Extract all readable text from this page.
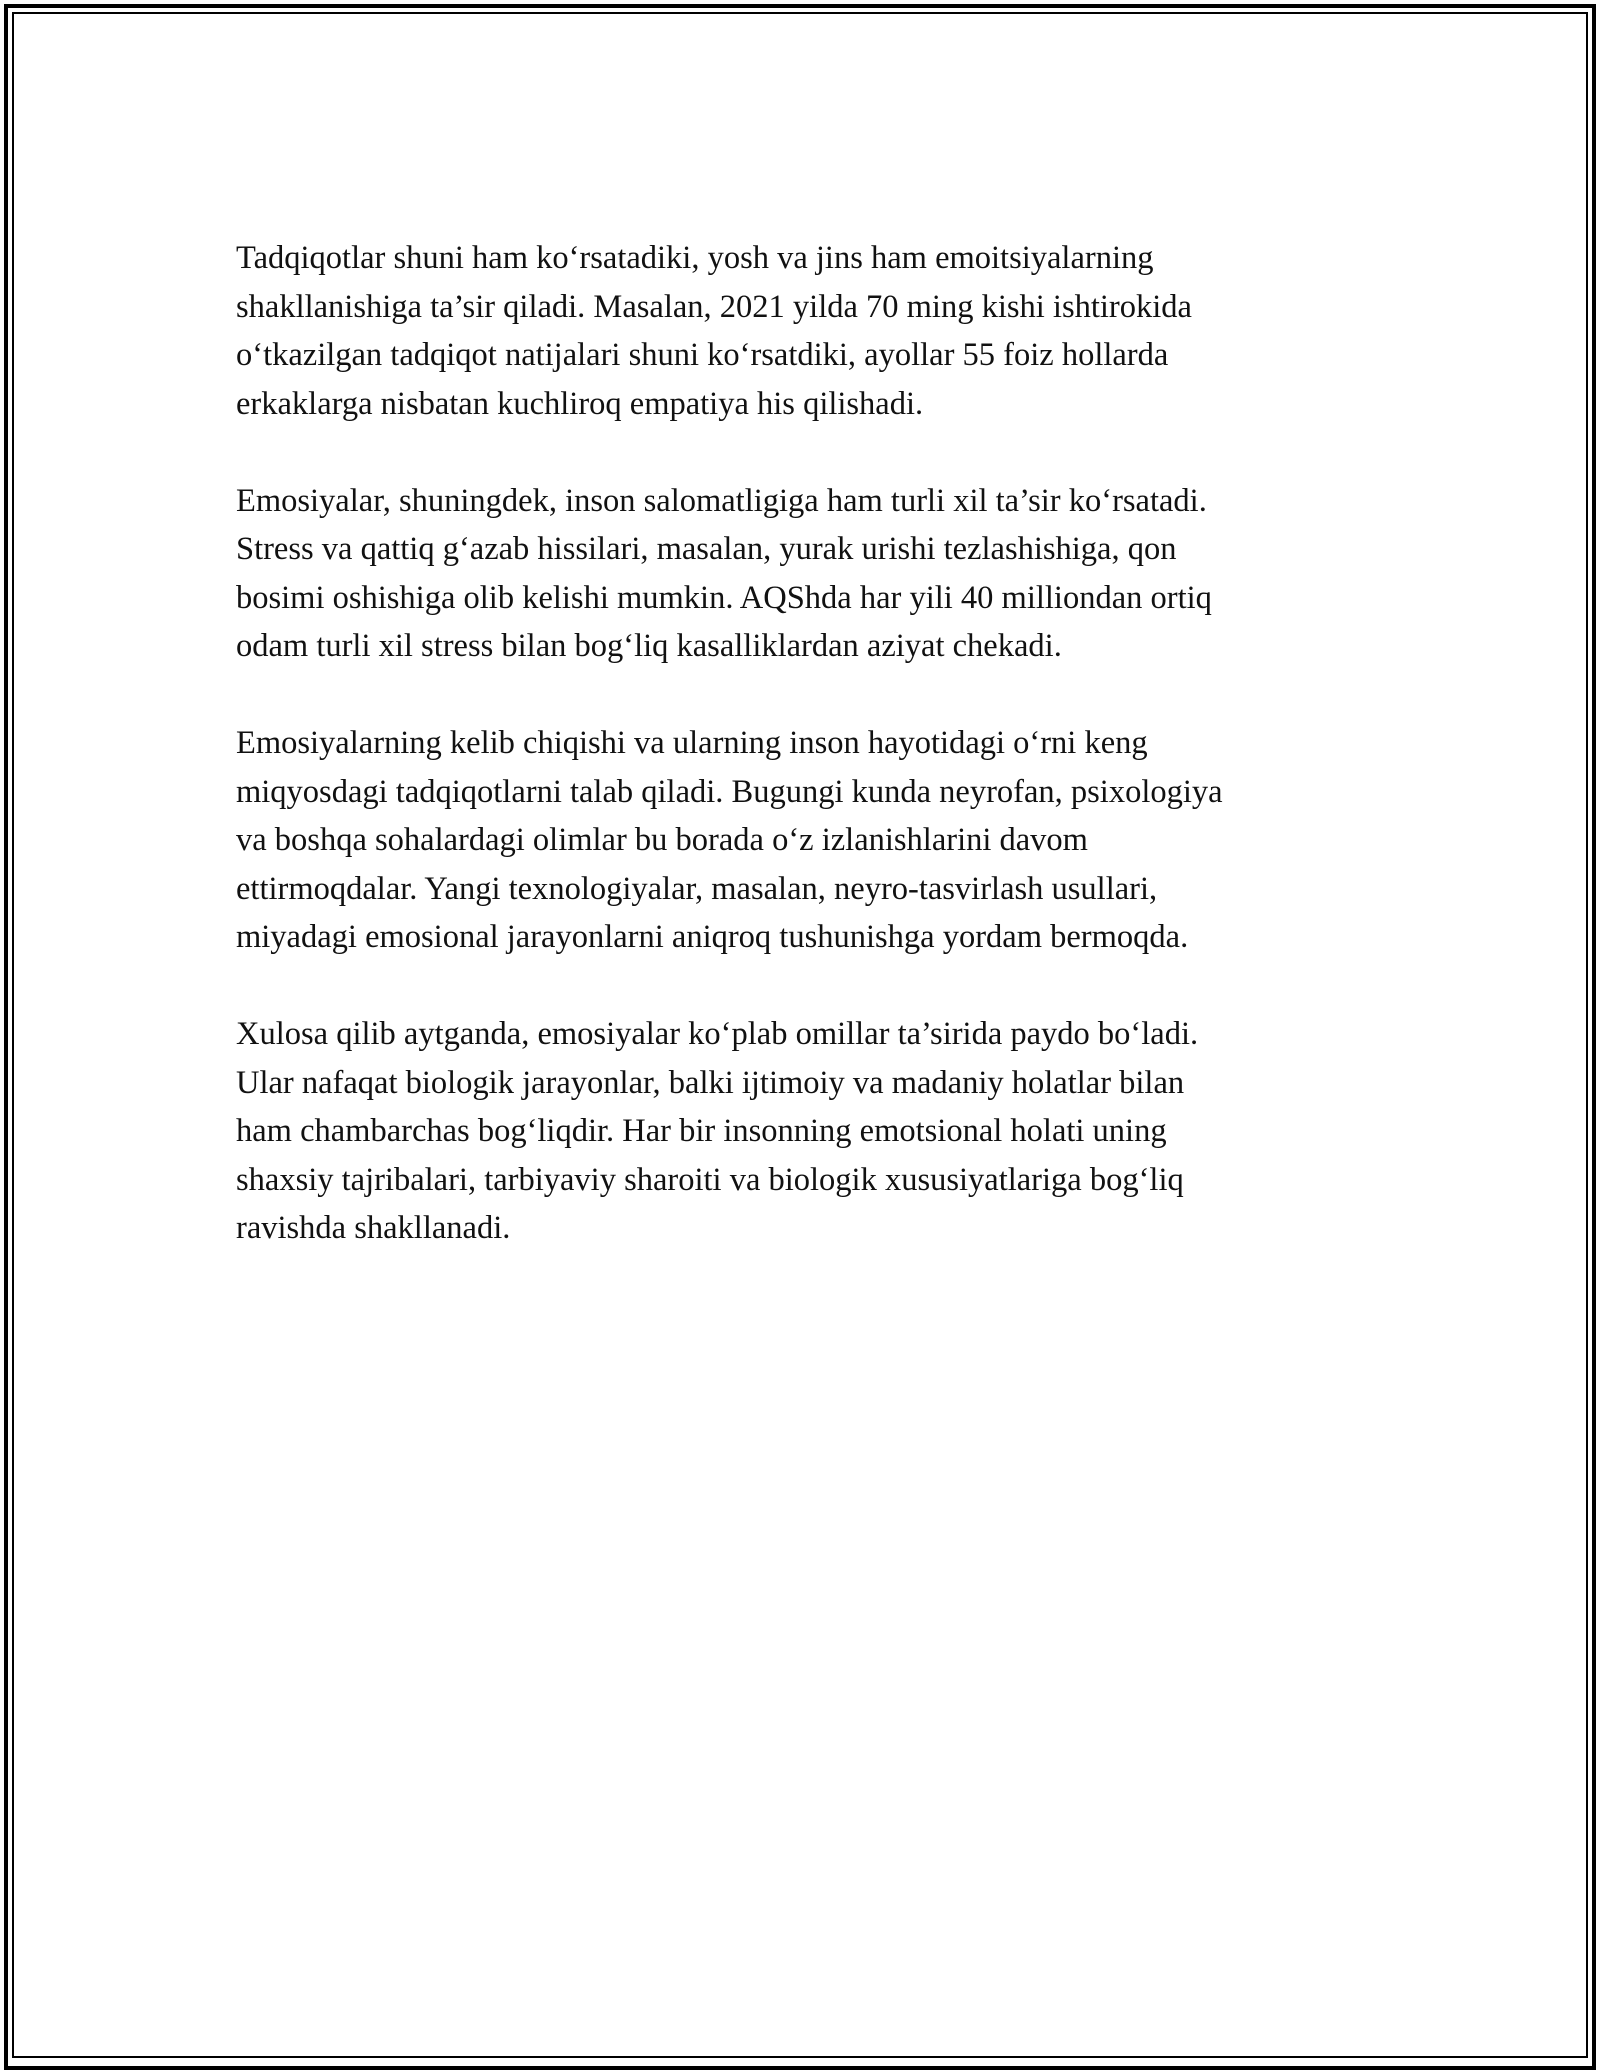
Tadqiqotlar shuni ham ko‘rsatadiki, yosh va jins ham emoitsiyalarning
shakllanishiga ta’sir qiladi. Masalan, 2021 yilda 70 ming kishi ishtirokida
o‘tkazilgan tadqiqot natijalari shuni ko‘rsatdiki, ayollar 55 foiz hollarda
erkaklarga nisbatan kuchliroq empatiya his qilishadi.

Emosiyalar, shuningdek, inson salomatligiga ham turli xil ta’sir ko‘rsatadi.
Stress va qattiq g‘azab hissilari, masalan, yurak urishi tezlashishiga, qon
bosimi oshishiga olib kelishi mumkin. AQShda har yili 40 milliondan ortiq
odam turli xil stress bilan bog‘liq kasalliklardan aziyat chekadi.

Emosiyalarning kelib chiqishi va ularning inson hayotidagi o‘rni keng
miqyosdagi tadqiqotlarni talab qiladi. Bugungi kunda neyrofan, psixologiya
va boshqa sohalardagi olimlar bu borada o‘z izlanishlarini davom
ettirmoqdalar. Yangi texnologiyalar, masalan, neyro-tasvirlash usullari,
miyadagi emosional jarayonlarni aniqroq tushunishga yordam bermoqda.

Xulosa qilib aytganda, emosiyalar ko‘plab omillar ta’sirida paydo bo‘ladi.
Ular nafaqat biologik jarayonlar, balki ijtimoiy va madaniy holatlar bilan
ham chambarchas bog‘liqdir. Har bir insonning emotsional holati uning
shaxsiy tajribalari, tarbiyaviy sharoiti va biologik xususiyatlariga bog‘liq
ravishda shakllanadi.
